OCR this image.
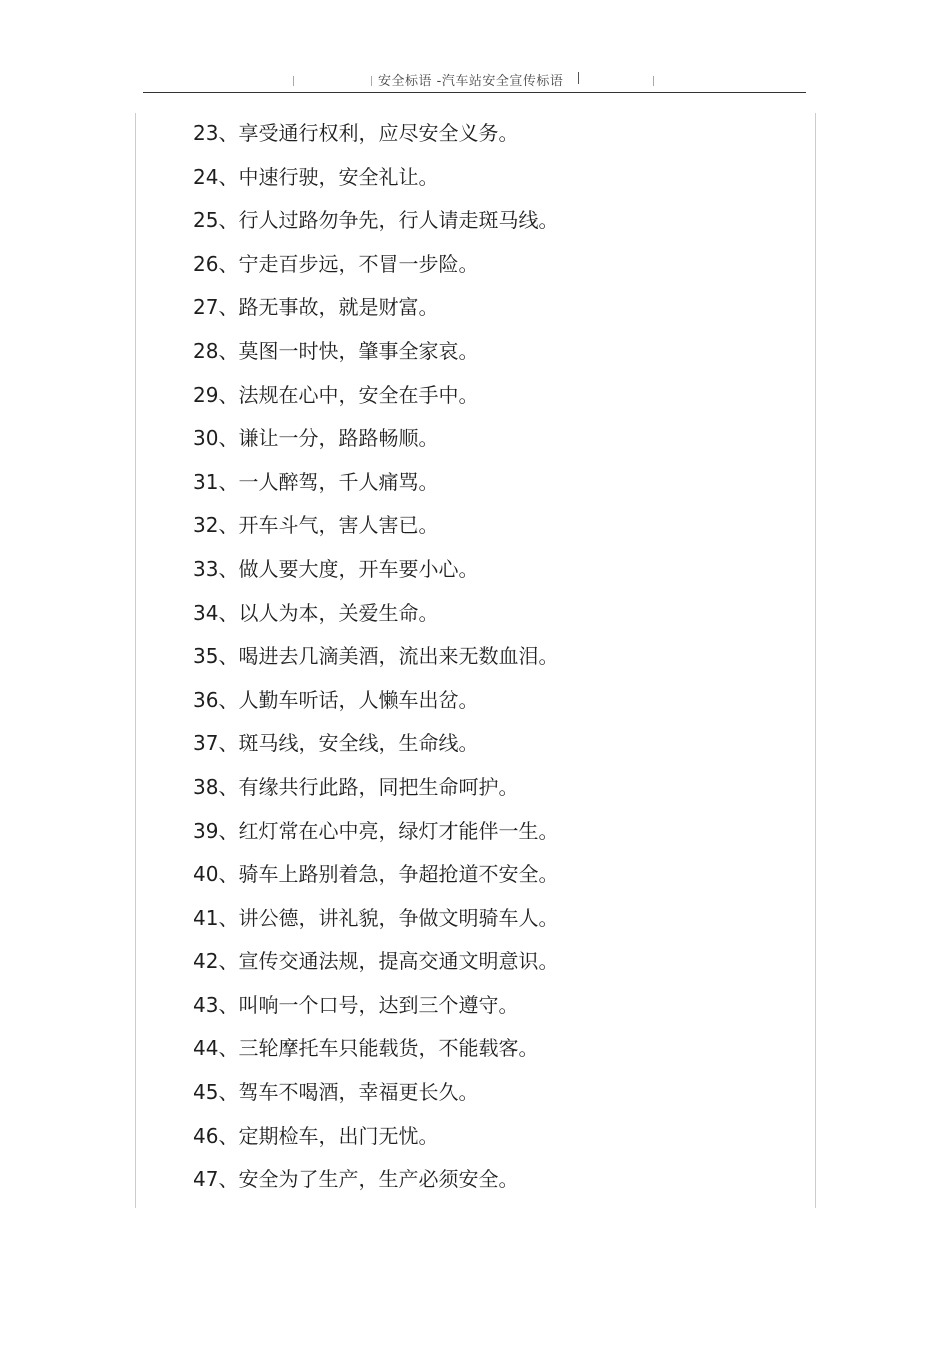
安全标语 -汽车站安全宣传标语
23、享受通行权利，应尽安全义务。
24、中速行驶，安全礼让。
25、行人过路勿争先，行人请走斑马线。
26、宁走百步远，不冒一步险。
27、路无事故，就是财富。
28、莫图一时快，肇事全家哀。
29、法规在心中，安全在手中。
30、谦让一分，路路畅顺。
31、一人醉驾，千人痛骂。
32、开车斗气，害人害已。
33、做人要大度，开车要小心。
34、以人为本，关爱生命。
35、喝进去几滴美酒，流出来无数血泪。
36、人勤车听话，人懒车出岔。
37、斑马线，安全线，生命线。
38、有缘共行此路，同把生命呵护。
39、红灯常在心中亮，绿灯才能伴一生。
40、骑车上路别着急，争超抢道不安全。
41、讲公德，讲礼貌，争做文明骑车人。
42、宣传交通法规，提高交通文明意识。
43、叫响一个口号，达到三个遵守。
44、三轮摩托车只能载货，不能载客。
45、驾车不喝酒，幸福更长久。
46、定期检车，出门无忧。
47、安全为了生产，生产必须安全。
